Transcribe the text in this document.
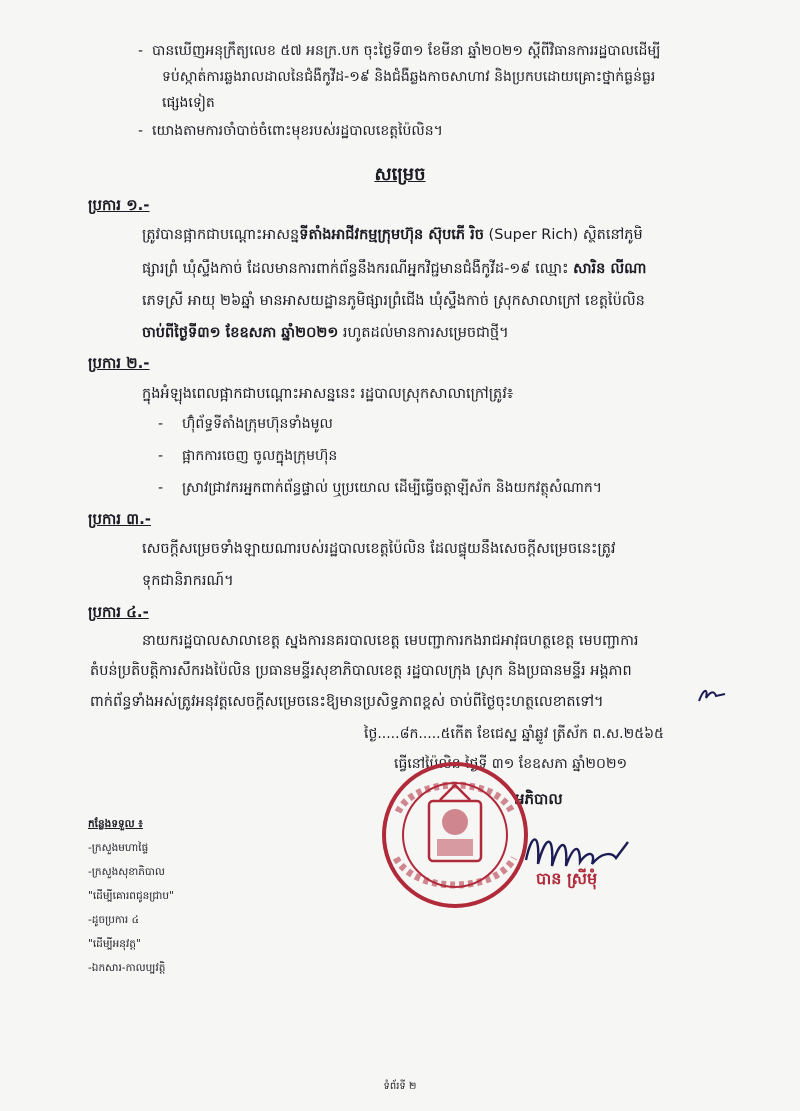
- បានឃើញអនុក្រឹត្យលេខ ៥៧ អនក្រ.បក ចុះថ្ងៃទី៣១ ខែមីនា ឆ្នាំ២០២១ ស្តីពីវិធានការរដ្ឋបាលដើម្បី
ទប់ស្កាត់ការឆ្លងរាលដាលនៃជំងឺកូវីដ-១៩ និងជំងឺឆ្លងកាចសាហាវ និងប្រកបដោយគ្រោះថ្នាក់ធ្ងន់ធ្ងរ
ផ្សេងទៀត
- យោងតាមការចាំបាច់ចំពោះមុខរបស់រដ្ឋបាលខេត្តប៉ៃលិន។
សម្រេច
ប្រការ ១.-
ត្រូវបានផ្អាកជាបណ្តោះអាសន្នទីតាំងអាជីវកម្មក្រុមហ៊ុន ស៊ុបភើ រិច (Super Rich) ស្ថិតនៅភូមិ
ផ្សារព្រំ ឃុំស្ទឹងកាច់ ដែលមានការពាក់ព័ន្ធនឹងករណីអ្នកវិជ្ជមានជំងឺកូវីដ-១៩ ឈ្មោះ សារិន លីណា
ភេទស្រី អាយុ ២៦ឆ្នាំ មានអាសយដ្ឋានភូមិផ្សារព្រំជើង ឃុំស្ទឹងកាច់ ស្រុកសាលាក្រៅ ខេត្តប៉ៃលិន
ចាប់ពីថ្ងៃទី៣១ ខែឧសភា ឆ្នាំ២០២១ រហូតដល់មានការសម្រេចជាថ្មី។
ប្រការ ២.-
ក្នុងអំឡុងពេលផ្អាកជាបណ្តោះអាសន្ននេះ រដ្ឋបាលស្រុកសាលាក្រៅត្រូវ៖
- ហ៊ុំព័ទ្ធទីតាំងក្រុមហ៊ុនទាំងមូល
- ផ្អាកការចេញ ចូលក្នុងក្រុមហ៊ុន
- ស្រាវជ្រាវករអ្នកពាក់ព័ន្ធផ្ទាល់ ឬប្រយោល ដើម្បីធ្វើចត្តាឡីស័ក និងយកវត្ថុសំណាក។
ប្រការ ៣.-
សេចក្តីសម្រេចទាំងឡាយណារបស់រដ្ឋបាលខេត្តប៉ៃលិន ដែលផ្ទុយនឹងសេចក្តីសម្រេចនេះត្រូវ
ទុកជានិរាករណ៍។
ប្រការ ៤.-
នាយករដ្ឋបាលសាលាខេត្ត ស្នងការនគរបាលខេត្ត មេបញ្ជាការកងរាជអាវុធហត្ថខេត្ត មេបញ្ជាការ
តំបន់ប្រតិបត្តិការសឹករងប៉ៃលិន ប្រធានមន្ទីរសុខាភិបាលខេត្ត រដ្ឋបាលក្រុង ស្រុក និងប្រធានមន្ទីរ អង្គភាព
ពាក់ព័ន្ធទាំងអស់ត្រូវអនុវត្តសេចក្តីសម្រេចនេះឱ្យមានប្រសិទ្ធភាពខ្ពស់ ចាប់ពីថ្ងៃចុះហត្ថលេខាតទៅ។
ថ្ងៃ.....៨ក.....៥កើត ខែជេស្ឋ ឆ្នាំឆ្លូវ ត្រីស័ក ព.ស.២៥៦៥
ធ្វើនៅប៉ៃលិន ថ្ងៃទី ៣១ ខែឧសភា ឆ្នាំ២០២១
អភិបាល
បាន ស្រីមុំ
កន្លែងទទួល ៖
-ក្រសួងមហាផ្ទៃ
-ក្រសួងសុខាភិបាល
"ដើម្បីគោរពជូនជ្រាប"
-ដូចប្រការ ៤
"ដើម្បីអនុវត្ត"
-ឯកសារ-កាលប្បវត្តិ
ទំព័រទី ២
